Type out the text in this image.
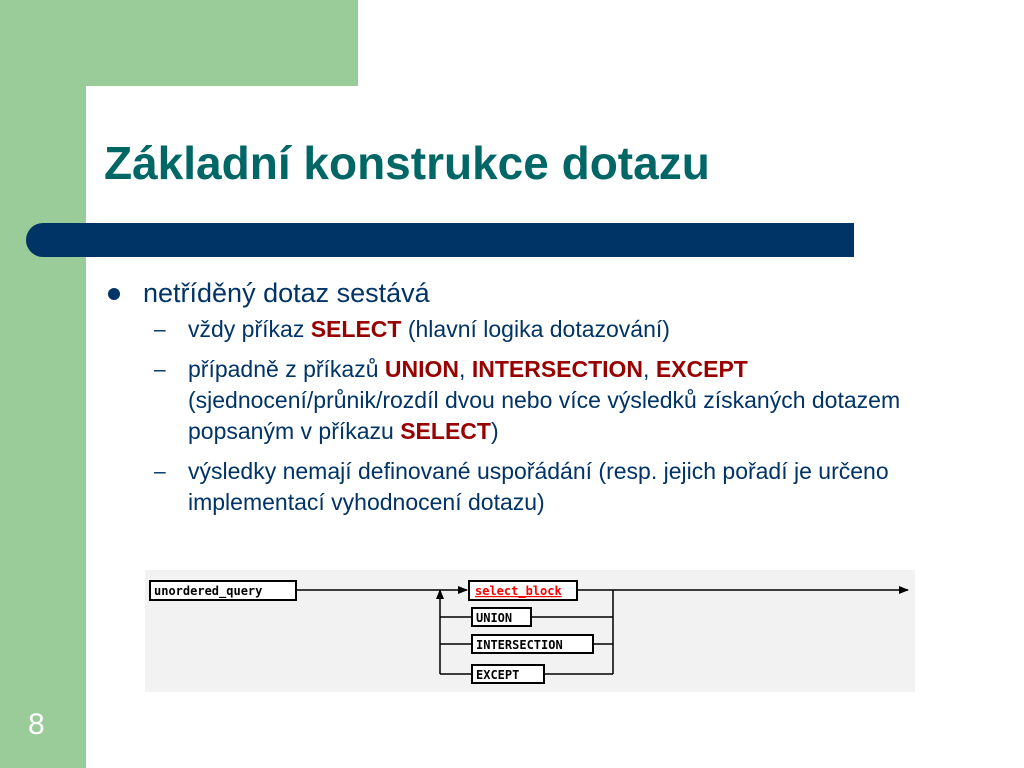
Základní konstrukce dotazu
netříděný dotaz sestává
– vždy příkaz SELECT (hlavní logika dotazování)
– případně z příkazů UNION, INTERSECTION, EXCEPT (sjednocení/průnik/rozdíl dvou nebo více výsledků získaných dotazem popsaným v příkazu SELECT)
– výsledky nemají definované uspořádání (resp. jejich pořadí je určeno implementací vyhodnocení dotazu)
unordered_query	select_block
UNION
INTERSECTION
EXCEPT
8
